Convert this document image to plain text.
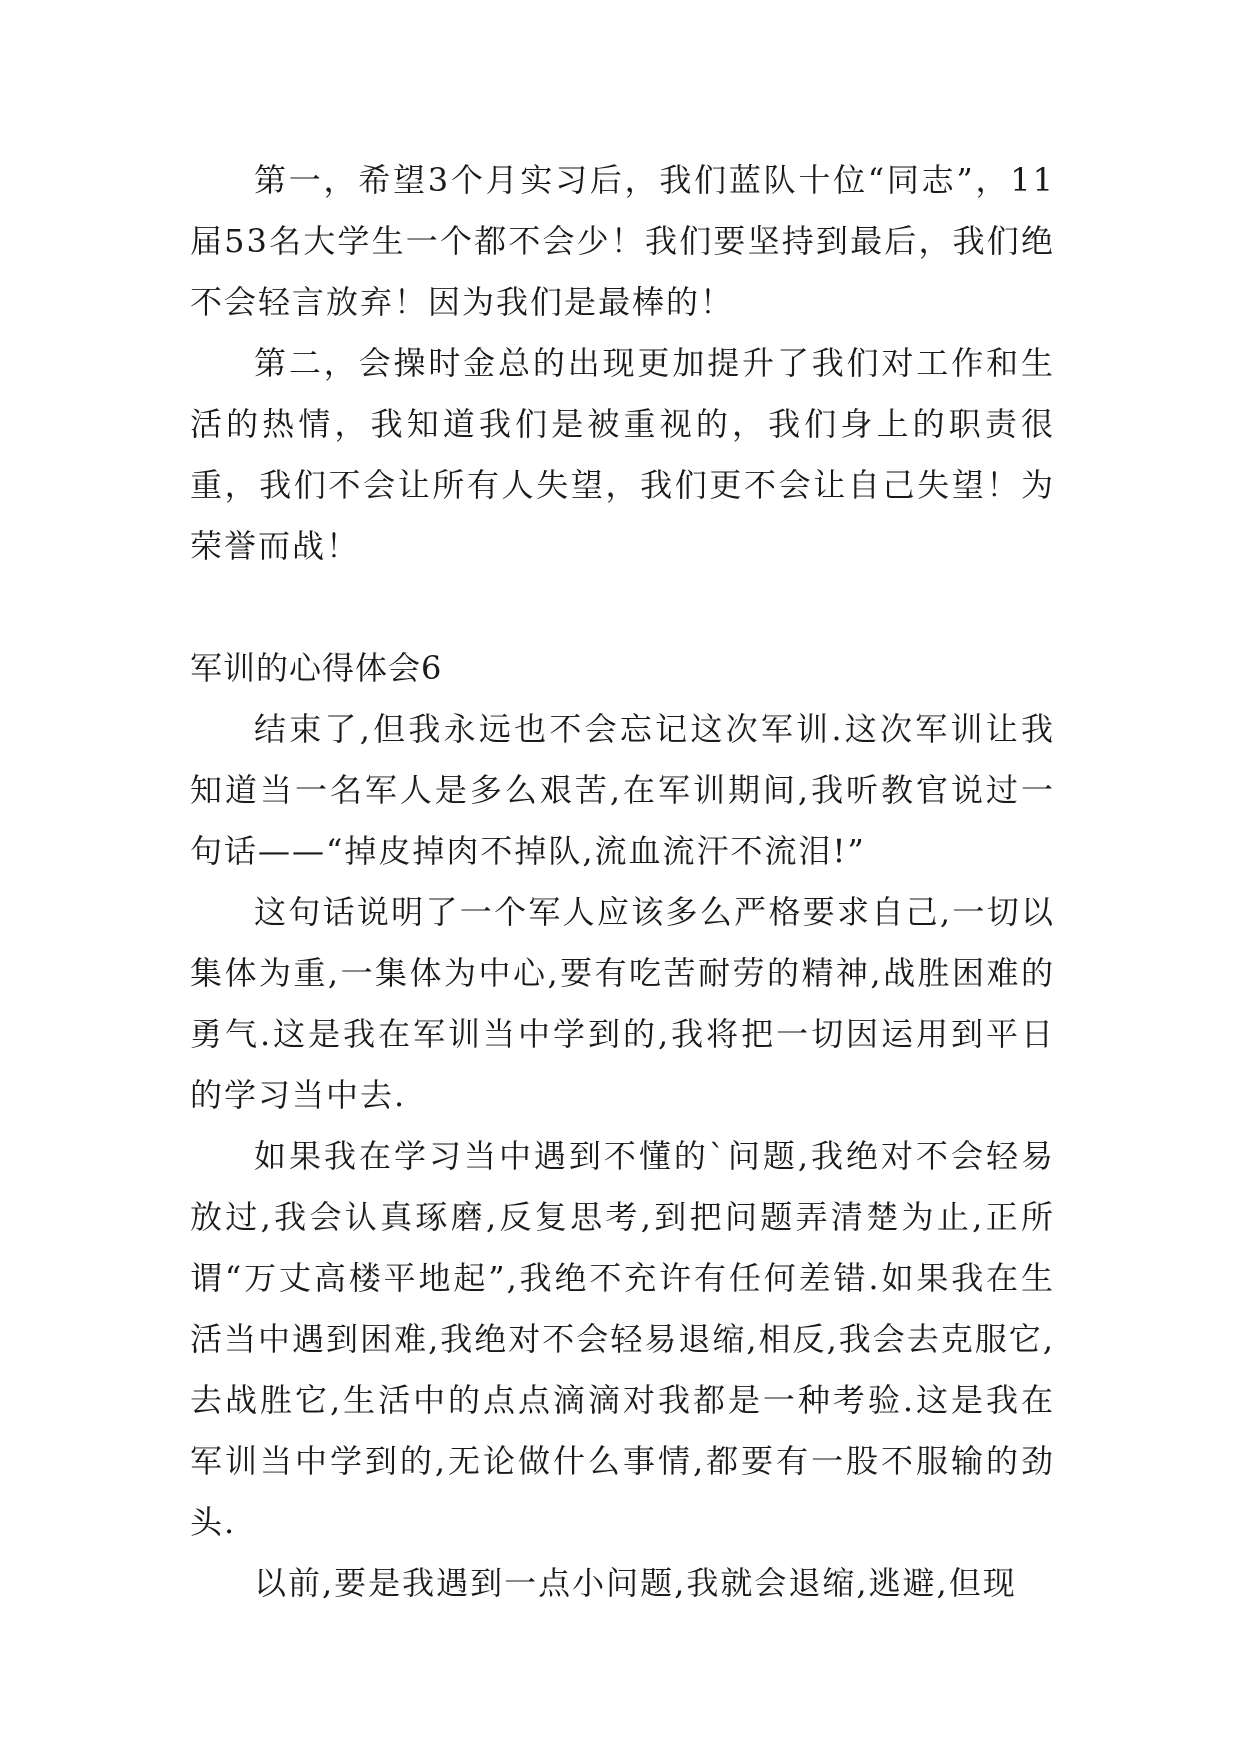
第一，希望3个月实习后，我们蓝队十位“同志”，11届53名大学生一个都不会少！我们要坚持到最后，我们绝不会轻言放弃！因为我们是最棒的！

第二，会操时金总的出现更加提升了我们对工作和生活的热情，我知道我们是被重视的，我们身上的职责很重，我们不会让所有人失望，我们更不会让自己失望！为荣誉而战！

军训的心得体会6

结束了,但我永远也不会忘记这次军训.这次军训让我知道当一名军人是多么艰苦,在军训期间,我听教官说过一句话——“掉皮掉肉不掉队,流血流汗不流泪!”

这句话说明了一个军人应该多么严格要求自己,一切以集体为重,一集体为中心,要有吃苦耐劳的精神,战胜困难的勇气.这是我在军训当中学到的,我将把一切因运用到平日的学习当中去.

如果我在学习当中遇到不懂的`问题,我绝对不会轻易放过,我会认真琢磨,反复思考,到把问题弄清楚为止,正所谓“万丈高楼平地起”,我绝不充许有任何差错.如果我在生活当中遇到困难,我绝对不会轻易退缩,相反,我会去克服它,去战胜它,生活中的点点滴滴对我都是一种考验.这是我在军训当中学到的,无论做什么事情,都要有一股不服输的劲头.

以前,要是我遇到一点小问题,我就会退缩,逃避,但现
